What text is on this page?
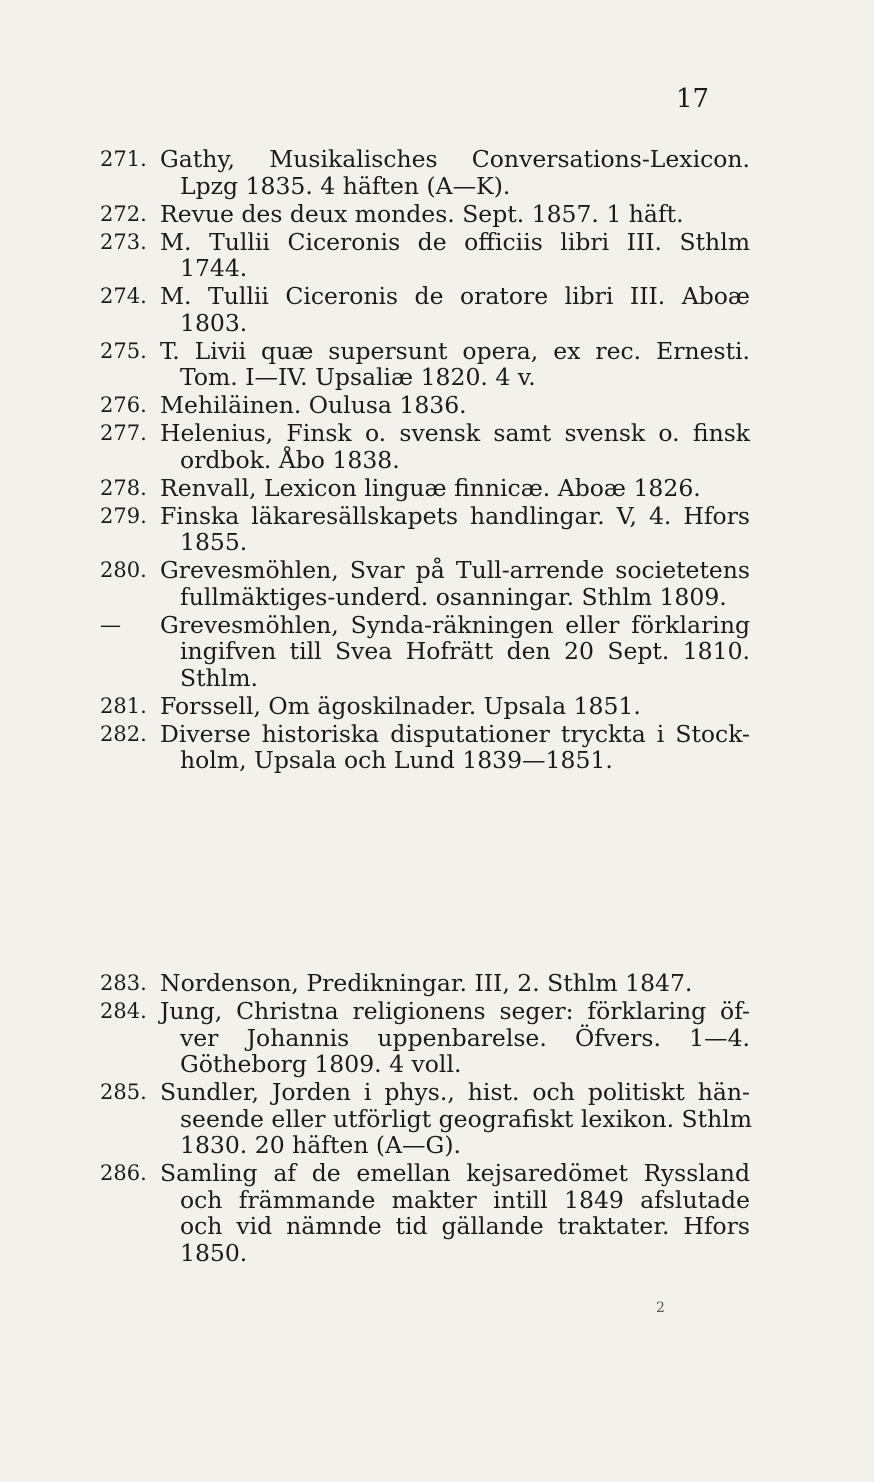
17
271. Gathy, Musikalisches Conversations-Lexicon.
Lpzg 1835. 4 häften (A—K).
272. Revue des deux mondes. Sept. 1857. 1 häft.
273. M. Tullii Ciceronis de officiis libri III. Sthlm
1744.
274. M. Tullii Ciceronis de oratore libri III. Aboæ
1803.
275. T. Livii quæ supersunt opera, ex rec. Ernesti.
Tom. I—IV. Upsaliæ 1820. 4 v.
276. Mehiläinen. Oulusa 1836.
277. Helenius, Finsk o. svensk samt svensk o. finsk
ordbok. Åbo 1838.
278. Renvall, Lexicon linguæ finnicæ. Aboæ 1826.
279. Finska läkaresällskapets handlingar. V, 4. Hfors
1855.
280. Grevesmöhlen, Svar på Tull-arrende societetens
fullmäktiges-underd. osanningar. Sthlm 1809.
—	Grevesmöhlen, Synda-räkningen eller förklaring
ingifven till Svea Hofrätt den 20 Sept. 1810.
Sthlm.
281. Forssell, Om ägoskilnader. Upsala 1851.
282. Diverse historiska disputationer tryckta i Stock-
holm, Upsala och Lund 1839—1851.
283. Nordenson, Predikningar. III, 2. Sthlm 1847.
284. Jung, Christna religionens seger: förklaring öf-
ver Johannis uppenbarelse. Öfvers. 1—4.
Götheborg 1809. 4 voll.
285. Sundler, Jorden i phys., hist. och politiskt hän-
seende eller utförligt geografiskt lexikon. Sthlm
1830. 20 häften (A—G).
286. Samling af de emellan kejsaredömet Ryssland
och främmande makter intill 1849 afslutade
och vid nämnde tid gällande traktater. Hfors
1850.
2
